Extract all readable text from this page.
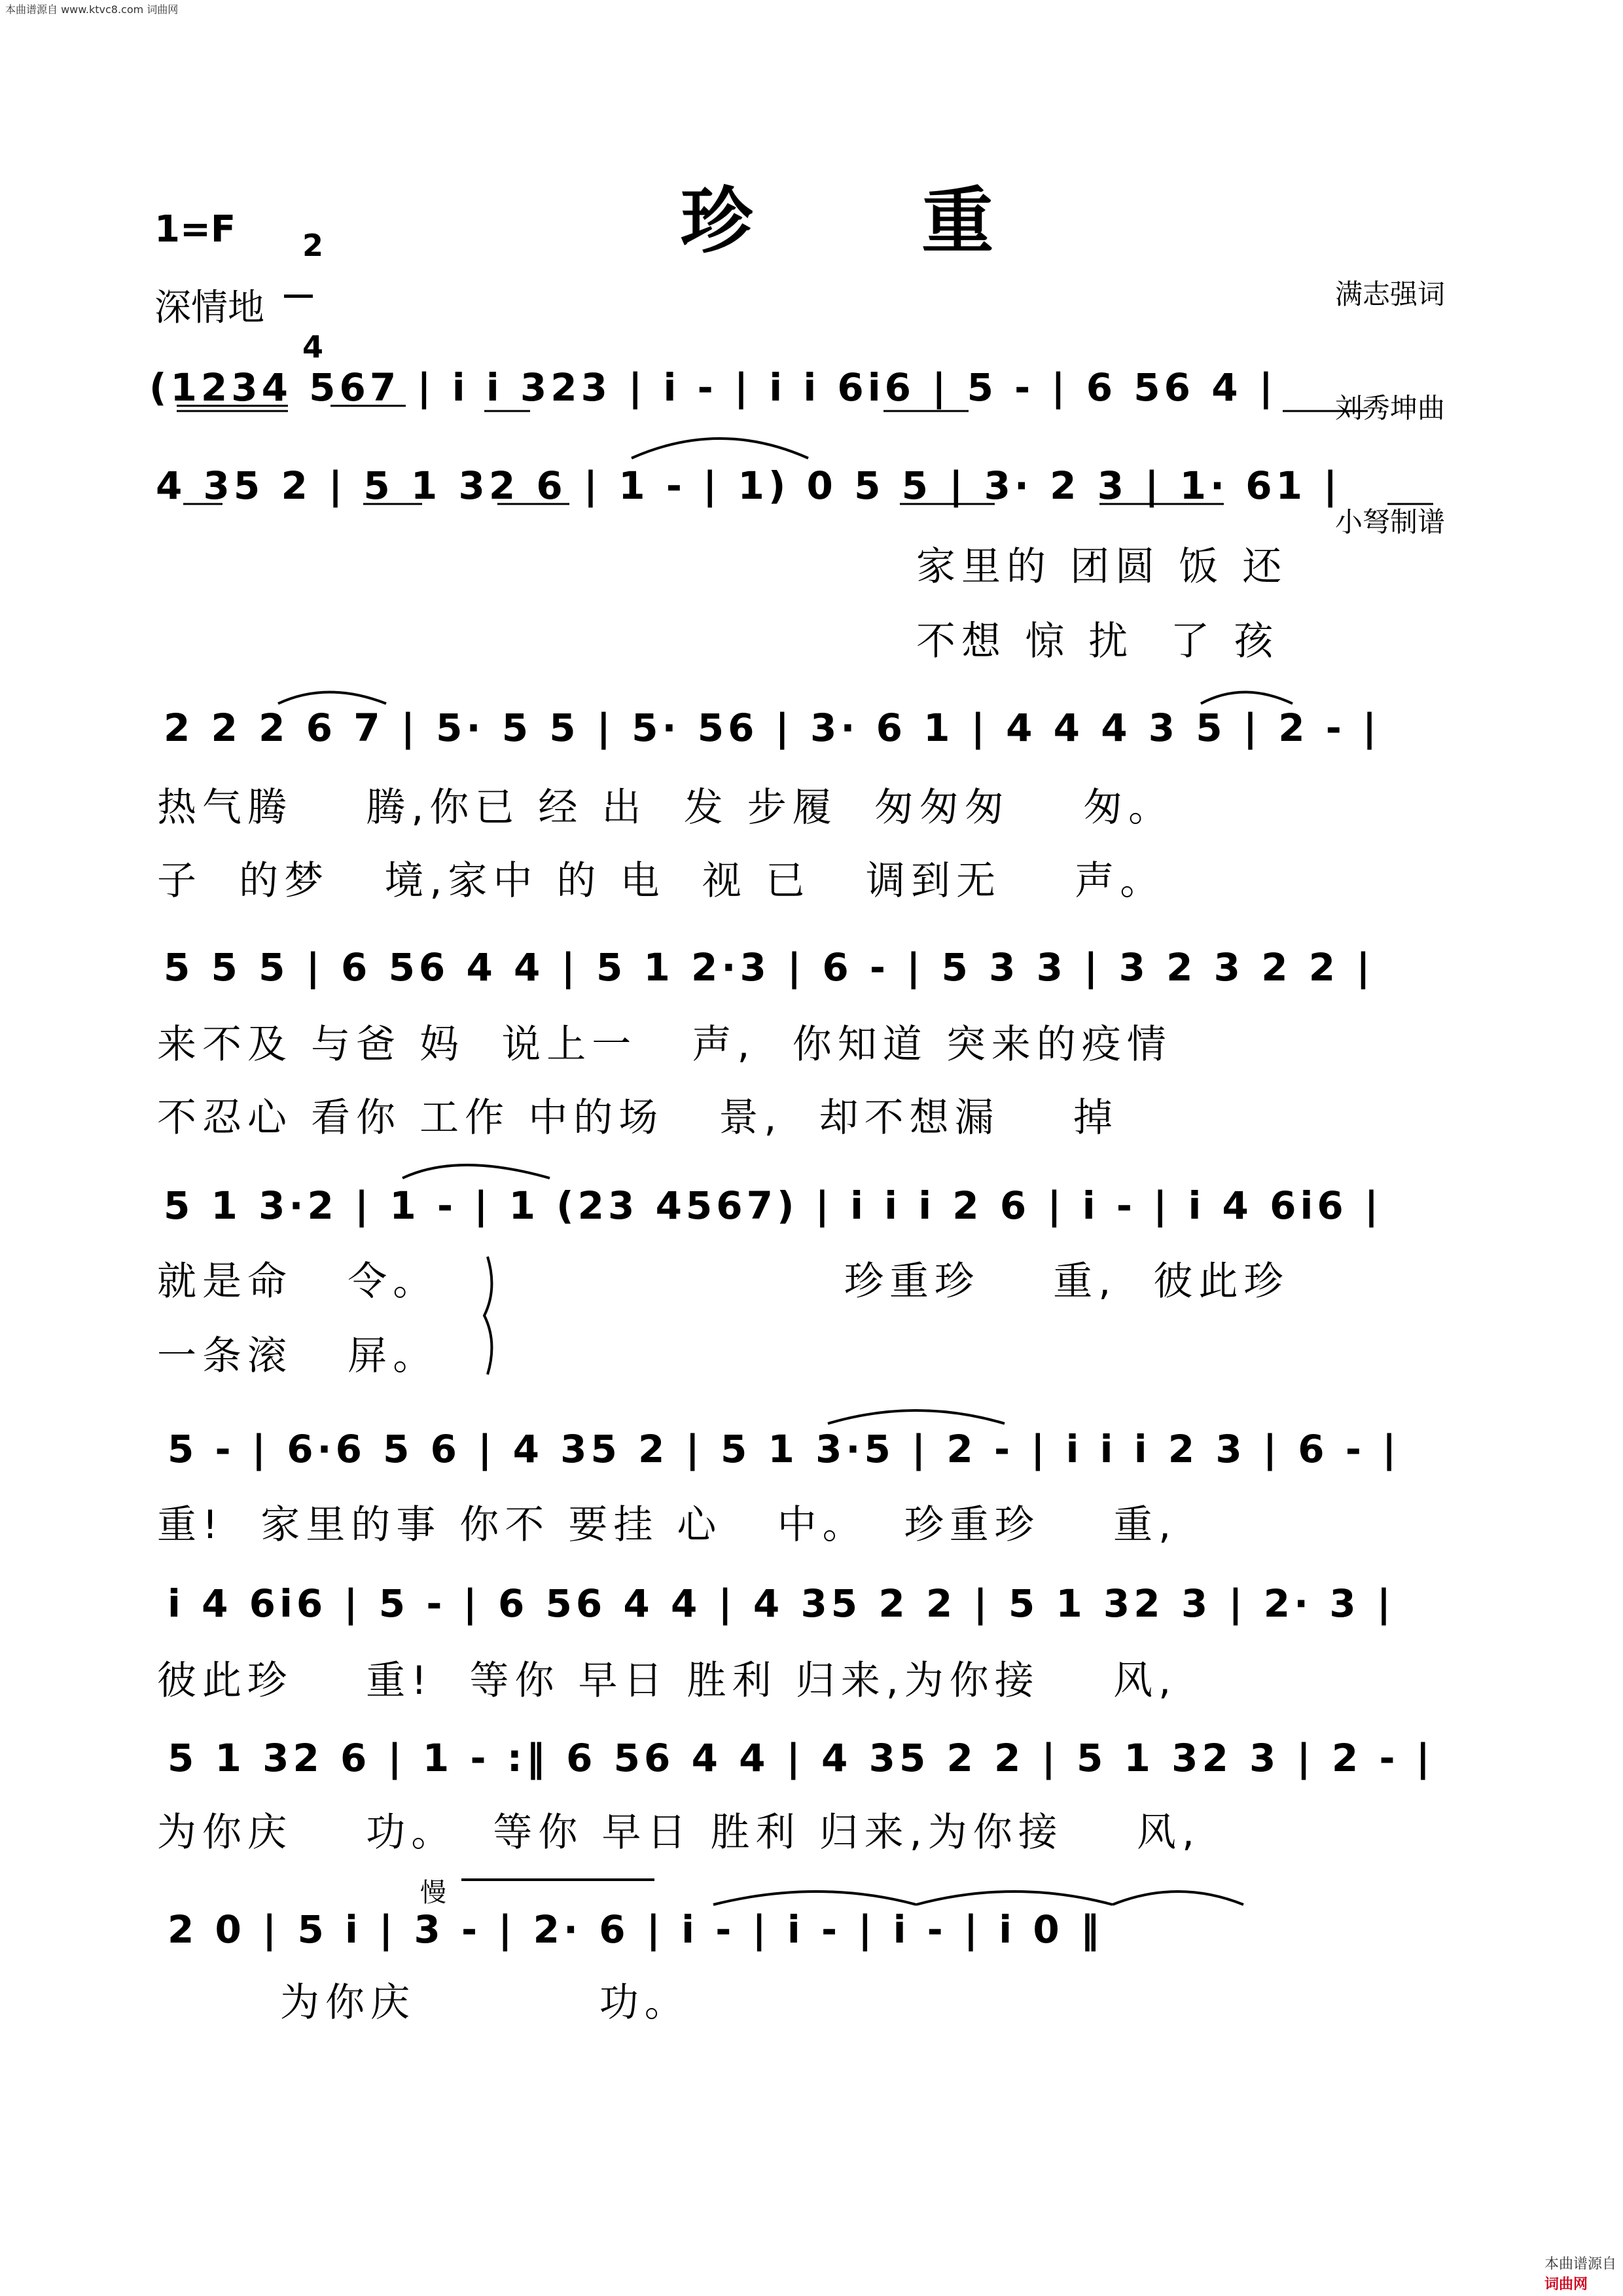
本曲谱源自 www.ktvc8.com 词曲网
珍 重
1=F	2

4

深情地

	满志强词

刘秀坤曲

小弩制谱

(1234 567 | i i 323 | i - | i i 6i6 | 5 - | 6 56 4 |
4 35 2 | 5 1 32 6 | 1 - | 1) 0 5 5 | 3· 2 3 | 1· 61 |
家里的 团圆 饭 还
不想 惊 扰  了 孩
2 2 2 6 7 | 5· 5 5 | 5· 56 | 3· 6 1 | 4 4 4 3 5 | 2 - |
热气腾    腾,你已 经 出  发 步履  匆匆匆    匆。
子  的梦   境,家中 的 电  视 已   调到无    声。
5 5 5 | 6 56 4 4 | 5 1 2·3 | 6 - | 5 3 3 | 3 2 3 2 2 |
来不及 与爸 妈  说上一   声,  你知道 突来的疫情
不忍心 看你 工作 中的场   景,  却不想漏    掉
5 1 3·2 | 1 - | 1 (23 4567) | i i i 2 6 | i - | i 4 6i6 |
就是命   令。
一条滚   屏。
珍重珍    重,  彼此珍
5 - | 6·6 5 6 | 4 35 2 | 5 1 3·5 | 2 - | i i i 2 3 | 6 - |
重!  家里的事 你不 要挂 心   中。  珍重珍    重,
i 4 6i6 | 5 - | 6 56 4 4 | 4 35 2 2 | 5 1 32 3 | 2· 3 |
彼此珍    重!  等你 早日 胜利 归来,为你接    风,
5 1 32 6 | 1 - :‖ 6 56 4 4 | 4 35 2 2 | 5 1 32 3 | 2 - |
为你庆    功。  等你 早日 胜利 归来,为你接    风,
慢
2 0 | 5 i | 3 - | 2· 6 | i - | i - | i - | i 0 ‖
为你庆          功。

本曲谱源自
词曲网
